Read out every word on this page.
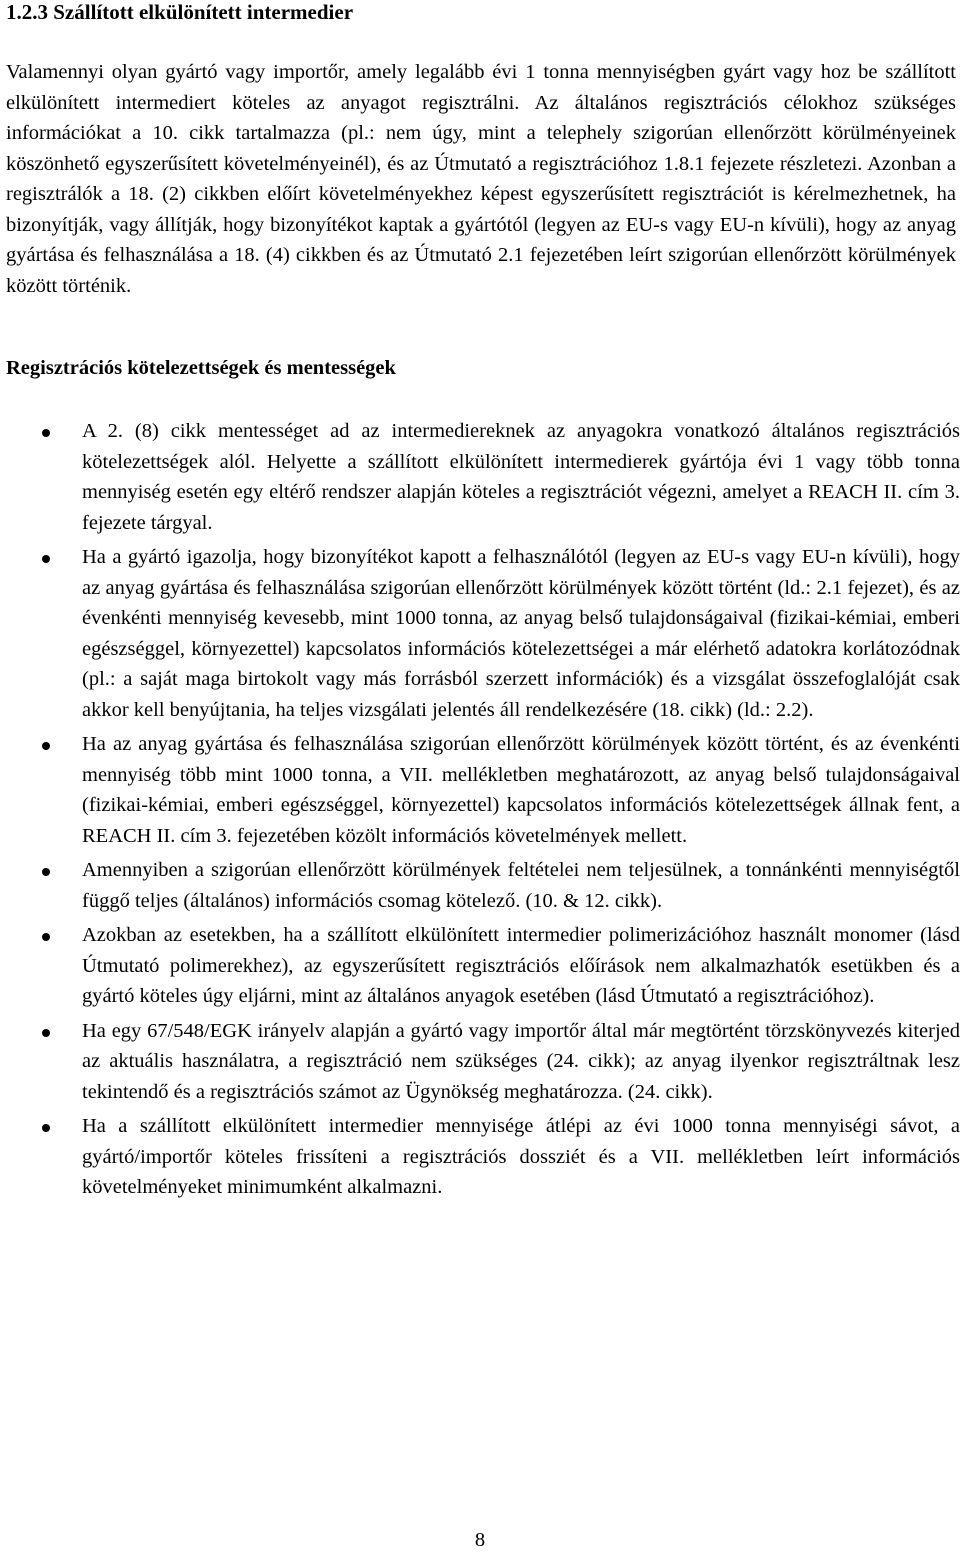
1.2.3 Szállított elkülönített intermedier

Valamennyi olyan gyártó vagy importőr, amely legalább évi 1 tonna mennyiségben gyárt vagy hoz be szállított elkülönített intermediert köteles az anyagot regisztrálni. Az általános regisztrációs célokhoz szükséges információkat a 10. cikk tartalmazza (pl.: nem úgy, mint a telephely szigorúan ellenőrzött körülményeinek köszönhető egyszerűsített követelményeinél), és az Útmutató a regisztrációhoz 1.8.1 fejezete részletezi. Azonban a regisztrálók a 18. (2) cikkben előírt követelményekhez képest egyszerűsített regisztrációt is kérelmezhetnek, ha bizonyítják, vagy állítják, hogy bizonyítékot kaptak a gyártótól (legyen az EU-s vagy EU-n kívüli), hogy az anyag gyártása és felhasználása a 18. (4) cikkben és az Útmutató 2.1 fejezetében leírt szigorúan ellenőrzött körülmények között történik.

Regisztrációs kötelezettségek és mentességek
A 2. (8) cikk mentességet ad az intermediereknek az anyagokra vonatkozó általános regisztrációs kötelezettségek alól. Helyette a szállított elkülönített intermedierek gyártója évi 1 vagy több tonna mennyiség esetén egy eltérő rendszer alapján köteles a regisztrációt végezni, amelyet a REACH II. cím 3. fejezete tárgyal.
Ha a gyártó igazolja, hogy bizonyítékot kapott a felhasználótól (legyen az EU-s vagy EU-n kívüli), hogy az anyag gyártása és felhasználása szigorúan ellenőrzött körülmények között történt (ld.: 2.1 fejezet), és az évenkénti mennyiség kevesebb, mint 1000 tonna, az anyag belső tulajdonságaival (fizikai-kémiai, emberi egészséggel, környezettel) kapcsolatos információs kötelezettségei a már elérhető adatokra korlátozódnak (pl.: a saját maga birtokolt vagy más forrásból szerzett információk) és a vizsgálat összefoglalóját csak akkor kell benyújtania, ha teljes vizsgálati jelentés áll rendelkezésére (18. cikk) (ld.: 2.2).
Ha az anyag gyártása és felhasználása szigorúan ellenőrzött körülmények között történt, és az évenkénti mennyiség több mint 1000 tonna, a VII. mellékletben meghatározott, az anyag belső tulajdonságaival (fizikai-kémiai, emberi egészséggel, környezettel) kapcsolatos információs kötelezettségek állnak fent, a REACH II. cím 3. fejezetében közölt információs követelmények mellett.
Amennyiben a szigorúan ellenőrzött körülmények feltételei nem teljesülnek, a tonnánkénti mennyiségtől függő teljes (általános) információs csomag kötelező. (10. & 12. cikk).
Azokban az esetekben, ha a szállított elkülönített intermedier polimerizációhoz használt monomer (lásd Útmutató polimerekhez), az egyszerűsített regisztrációs előírások nem alkalmazhatók esetükben és a gyártó köteles úgy eljárni, mint az általános anyagok esetében (lásd Útmutató a regisztrációhoz).
Ha egy 67/548/EGK irányelv alapján a gyártó vagy importőr által már megtörtént törzskönyvezés kiterjed az aktuális használatra, a regisztráció nem szükséges (24. cikk); az anyag ilyenkor regisztráltnak lesz tekintendő és a regisztrációs számot az Ügynökség meghatározza. (24. cikk).
Ha a szállított elkülönített intermedier mennyisége átlépi az évi 1000 tonna mennyiségi sávot, a gyártó/importőr köteles frissíteni a regisztrációs dossziét és a VII. mellékletben leírt információs követelményeket minimumként alkalmazni.
8
